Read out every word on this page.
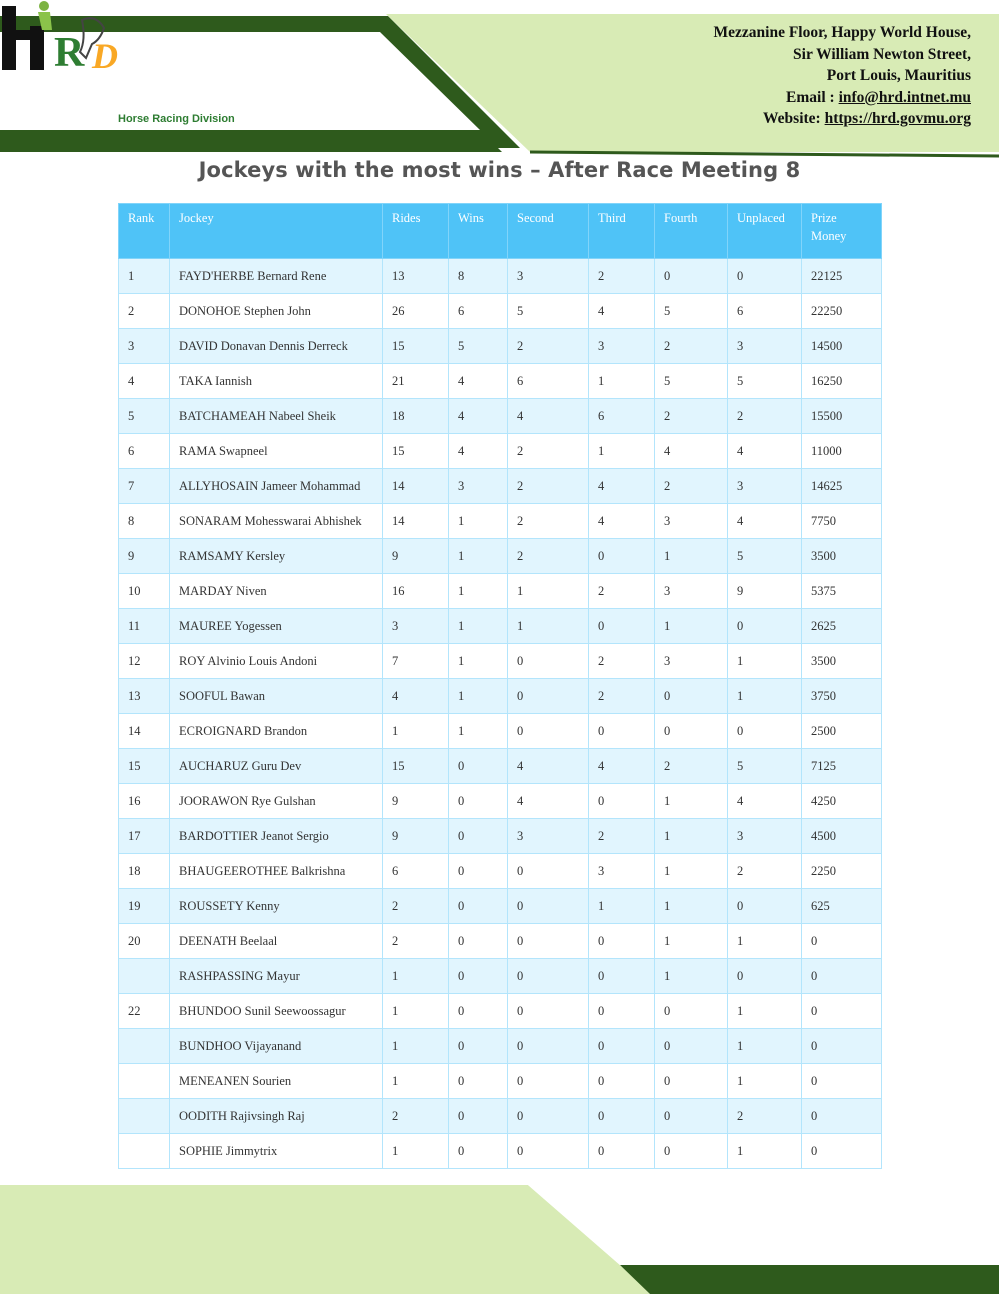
R D
Horse Racing Division
Mezzanine Floor, Happy World House,
Sir William Newton Street,
Port Louis, Mauritius
Email : info@hrd.intnet.mu
Website: https://hrd.govmu.org
Jockeys with the most wins – After Race Meeting 8
Rank	Jockey	Rides	Wins	Second	Third	Fourth	Unplaced	Prize Money
1	FAYD'HERBE Bernard Rene	13	8	3	2	0	0	22125
2	DONOHOE Stephen John	26	6	5	4	5	6	22250
3	DAVID Donavan Dennis Derreck	15	5	2	3	2	3	14500
4	TAKA Iannish	21	4	6	1	5	5	16250
5	BATCHAMEAH Nabeel Sheik	18	4	4	6	2	2	15500
6	RAMA Swapneel	15	4	2	1	4	4	11000
7	ALLYHOSAIN Jameer Mohammad	14	3	2	4	2	3	14625
8	SONARAM Mohesswarai Abhishek	14	1	2	4	3	4	7750
9	RAMSAMY Kersley	9	1	2	0	1	5	3500
10	MARDAY Niven	16	1	1	2	3	9	5375
11	MAUREE Yogessen	3	1	1	0	1	0	2625
12	ROY Alvinio Louis Andoni	7	1	0	2	3	1	3500
13	SOOFUL Bawan	4	1	0	2	0	1	3750
14	ECROIGNARD Brandon	1	1	0	0	0	0	2500
15	AUCHARUZ Guru Dev	15	0	4	4	2	5	7125
16	JOORAWON Rye Gulshan	9	0	4	0	1	4	4250
17	BARDOTTIER Jeanot Sergio	9	0	3	2	1	3	4500
18	BHAUGEEROTHEE Balkrishna	6	0	0	3	1	2	2250
19	ROUSSETY Kenny	2	0	0	1	1	0	625
20	DEENATH Beelaal	2	0	0	0	1	1	0
	RASHPASSING Mayur	1	0	0	0	1	0	0
22	BHUNDOO Sunil Seewoossagur	1	0	0	0	0	1	0
	BUNDHOO Vijayanand	1	0	0	0	0	1	0
	MENEANEN Sourien	1	0	0	0	0	1	0
	OODITH Rajivsingh Raj	2	0	0	0	0	2	0
	SOPHIE Jimmytrix	1	0	0	0	0	1	0
